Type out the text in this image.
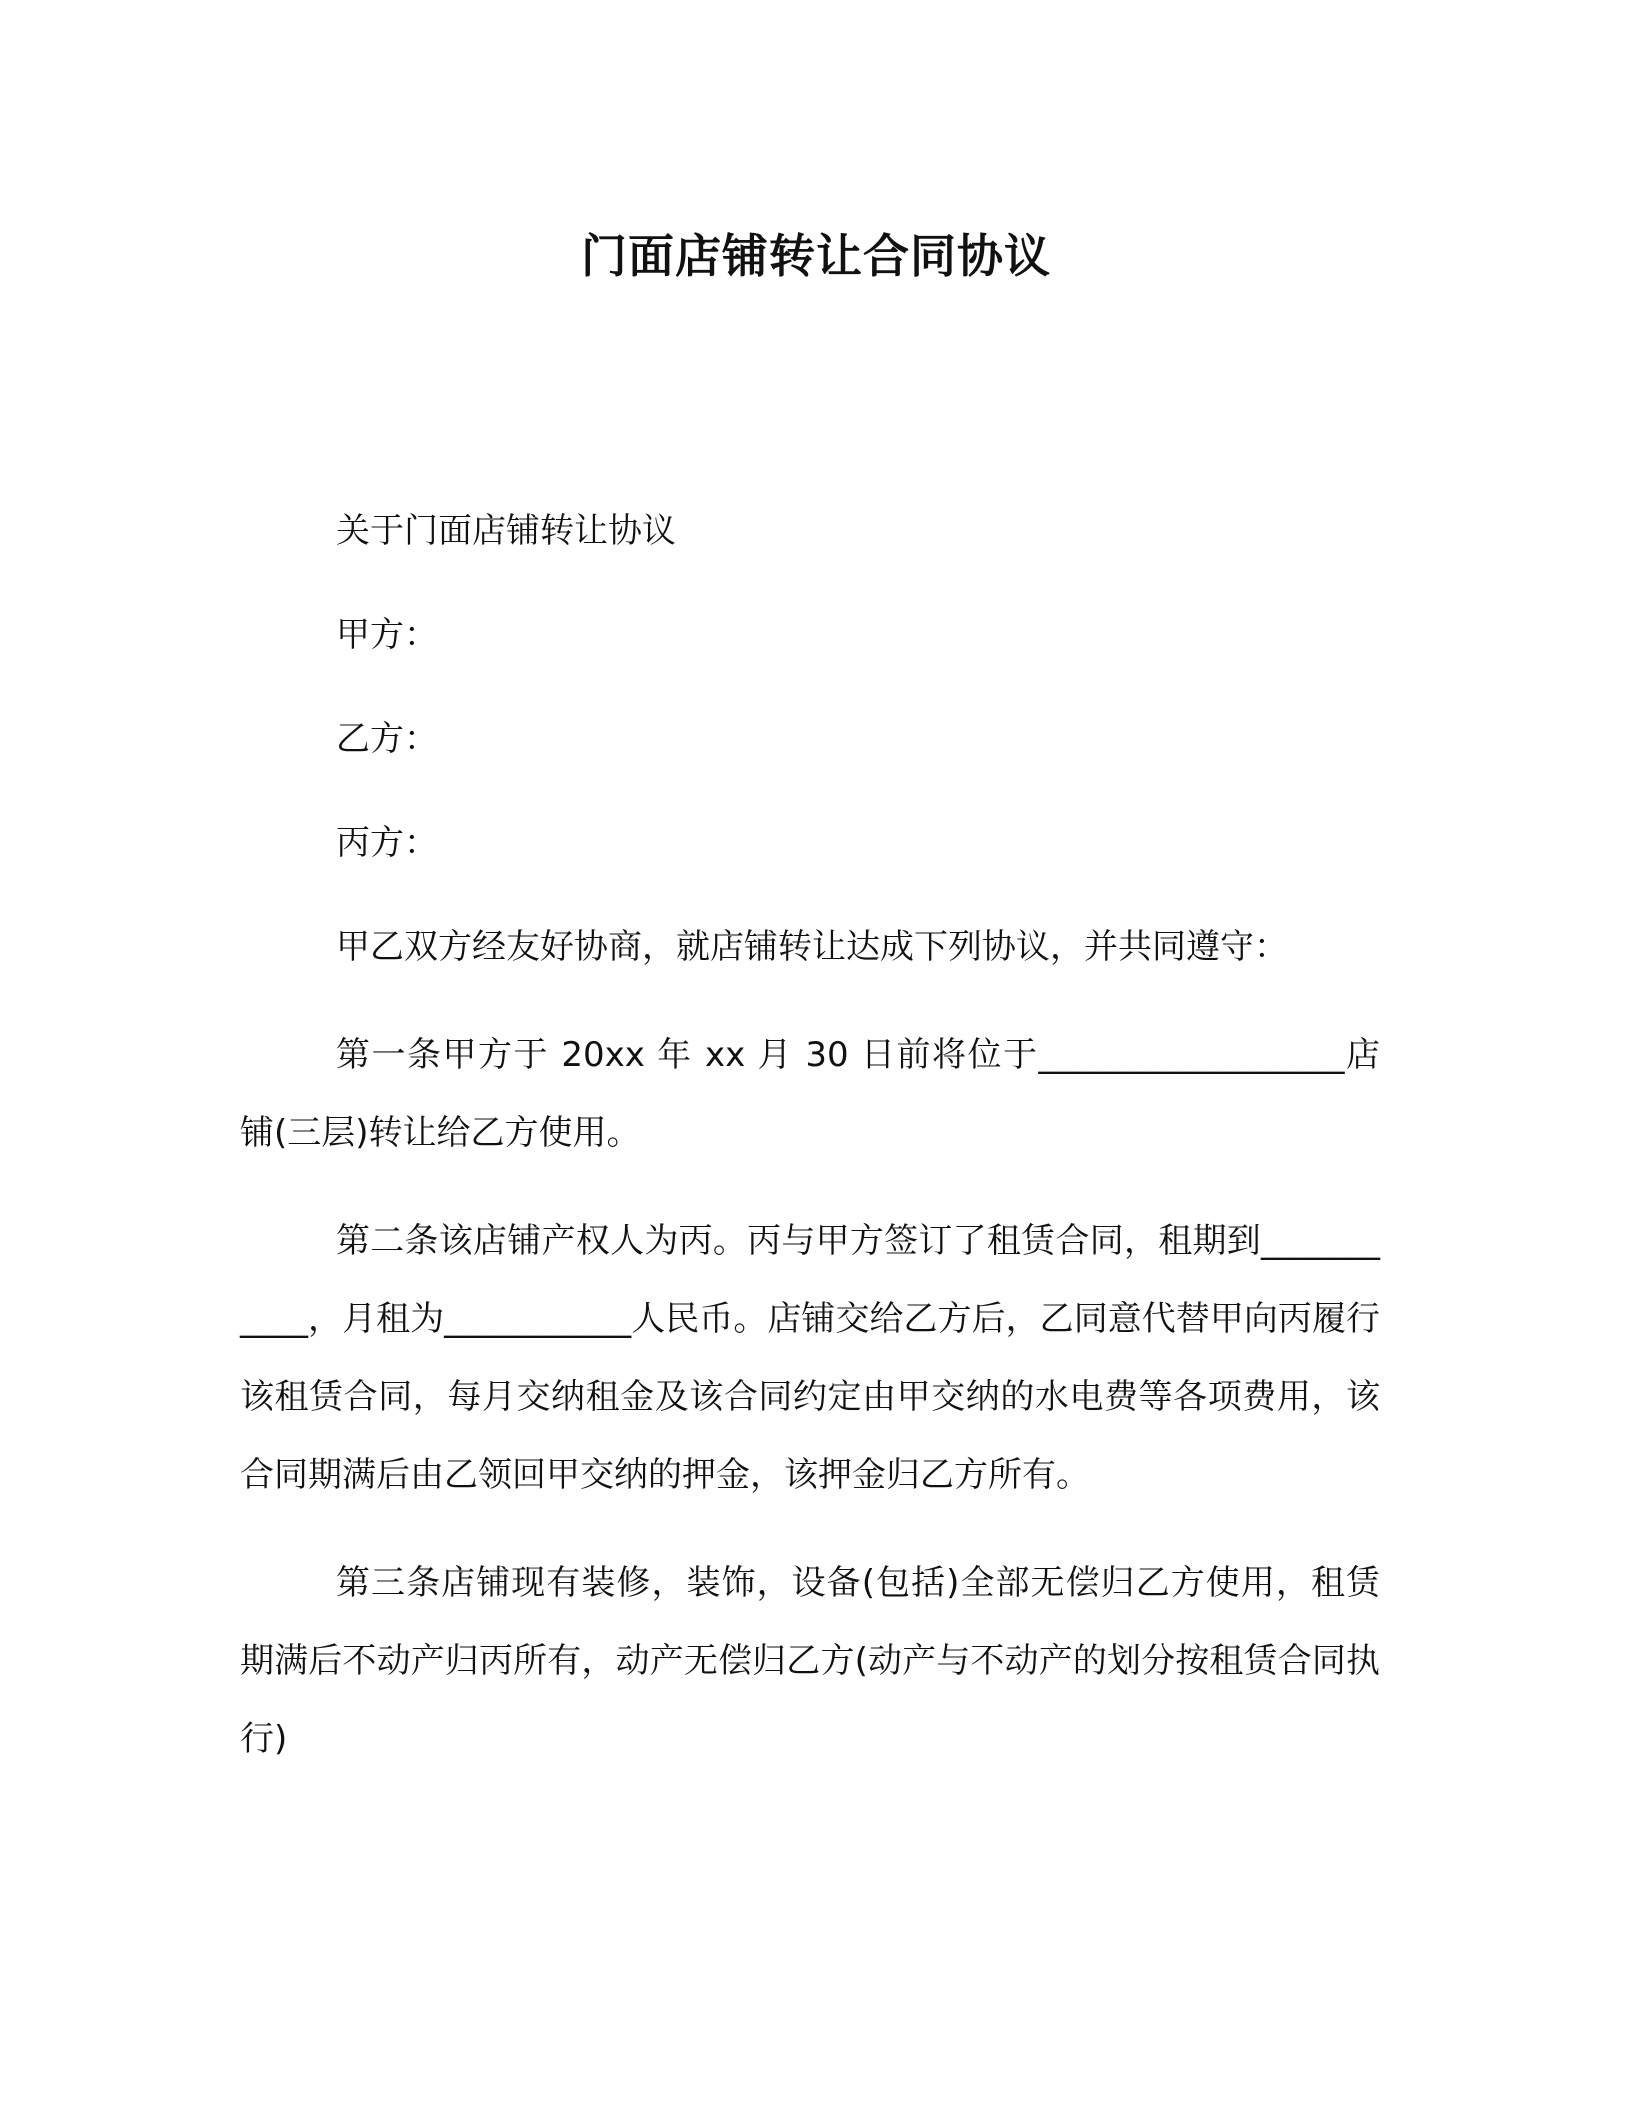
门面店铺转让合同协议

关于门面店铺转让协议

甲方：

乙方：

丙方：

甲乙双方经友好协商，就店铺转让达成下列协议，并共同遵守：

第一条甲方于 20xx 年 xx 月 30 日前将位于__________________店铺(三层)转让给乙方使用。

第二条该店铺产权人为丙。丙与甲方签订了租赁合同，租期到___________，月租为___________人民币。店铺交给乙方后，乙同意代替甲向丙履行该租赁合同，每月交纳租金及该合同约定由甲交纳的水电费等各项费用，该合同期满后由乙领回甲交纳的押金，该押金归乙方所有。

第三条店铺现有装修，装饰，设备(包括)全部无偿归乙方使用，租赁期满后不动产归丙所有，动产无偿归乙方(动产与不动产的划分按租赁合同执行)
